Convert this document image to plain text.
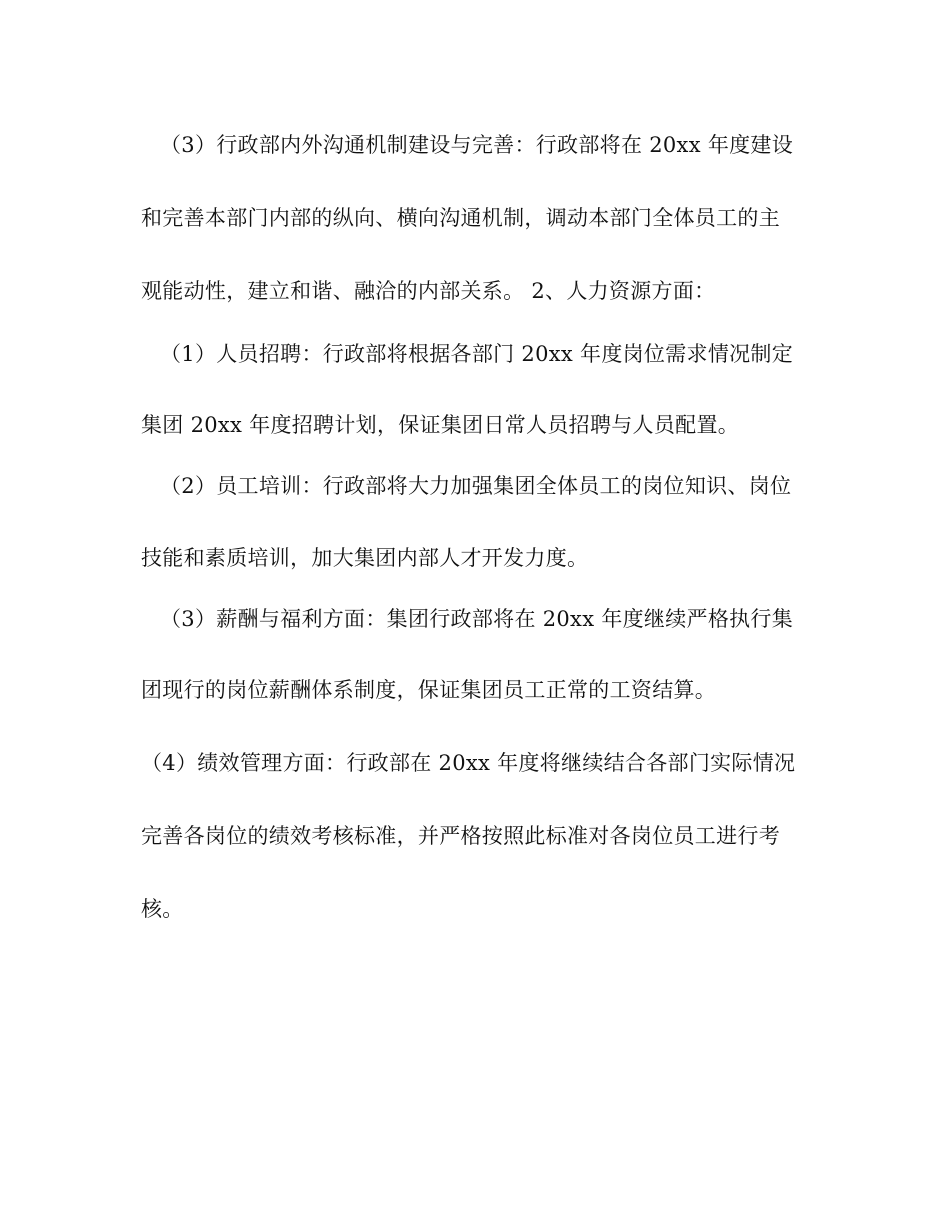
（3）行政部内外沟通机制建设与完善：行政部将在 20xx 年度建设
和完善本部门内部的纵向、横向沟通机制，调动本部门全体员工的主
观能动性，建立和谐、融洽的内部关系。 2、人力资源方面：
（1）人员招聘：行政部将根据各部门 20xx 年度岗位需求情况制定
集团 20xx 年度招聘计划，保证集团日常人员招聘与人员配置。
（2）员工培训：行政部将大力加强集团全体员工的岗位知识、岗位
技能和素质培训，加大集团内部人才开发力度。
（3）薪酬与福利方面：集团行政部将在 20xx 年度继续严格执行集
团现行的岗位薪酬体系制度，保证集团员工正常的工资结算。
（4）绩效管理方面：行政部在 20xx 年度将继续结合各部门实际情况
完善各岗位的绩效考核标准，并严格按照此标准对各岗位员工进行考
核。
